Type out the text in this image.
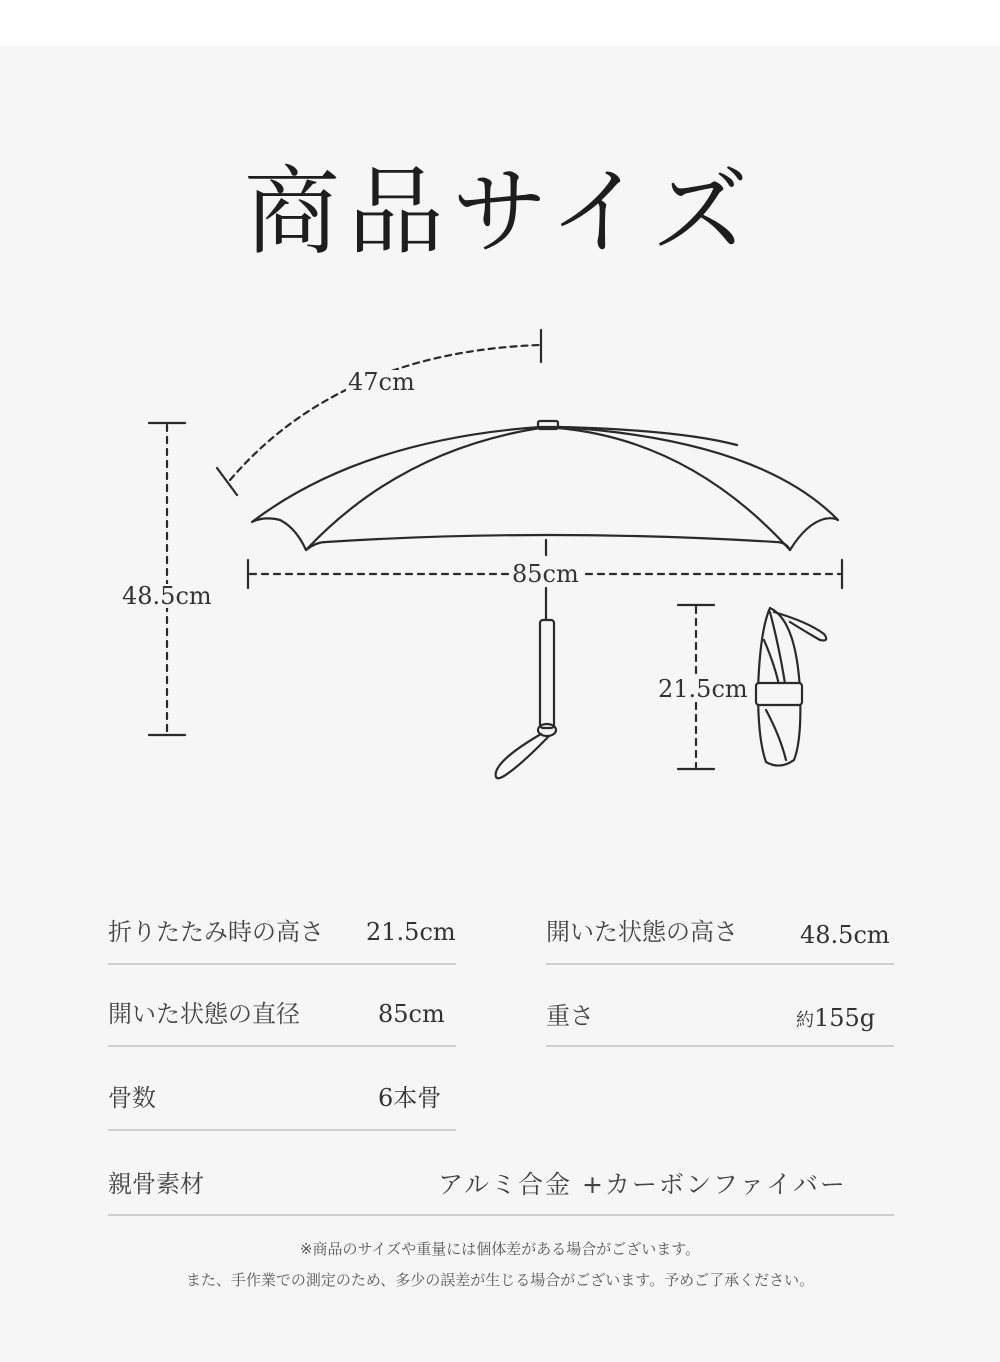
商品サイズ
47cm
48.5cm
85cm
21.5cm
折りたたみ時の高さ 21.5cm	開いた状態の高さ	48.5cm
開いた状態の直径	85cm	重さ	約155g
骨数	6本骨
親骨素材	アルミ合金 +カーボンファイバー
※商品のサイズや重量には個体差がある場合がございます。
また、手作業での測定のため、多少の誤差が生じる場合がございます。予めご了承ください。
